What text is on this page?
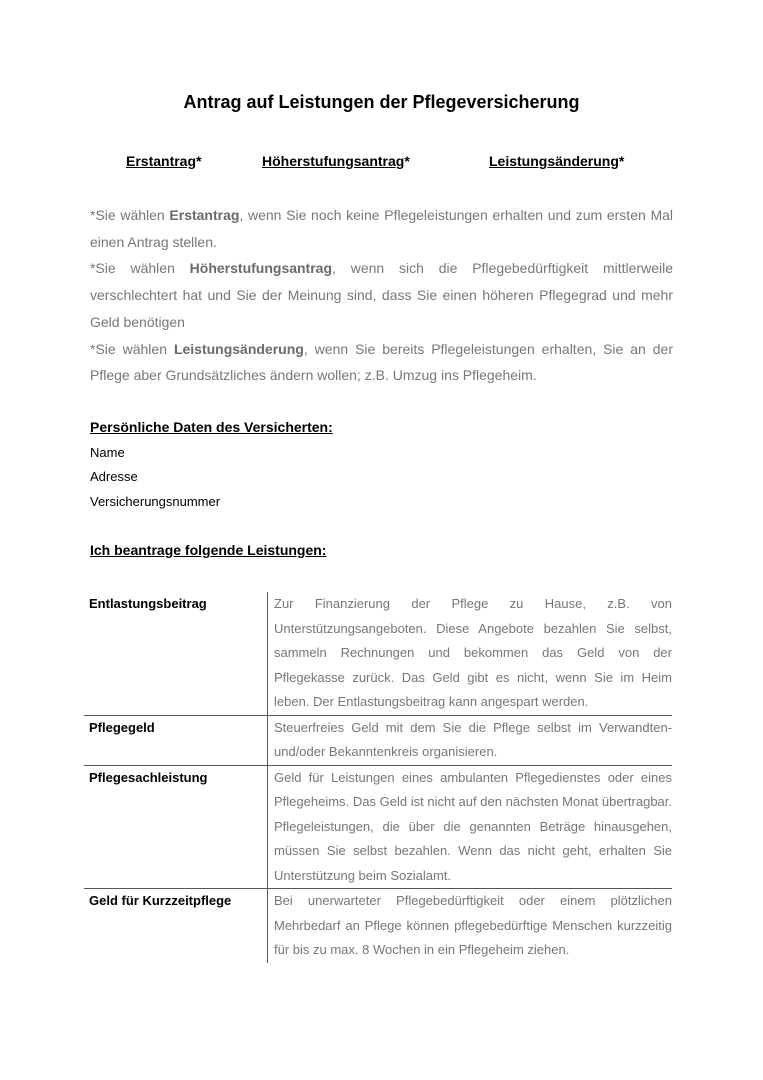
Antrag auf Leistungen der Pflegeversicherung
Erstantrag*	Höherstufungsantrag*	Leistungsänderung*

*Sie wählen Erstantrag, wenn Sie noch keine Pflegeleistungen erhalten und zum ersten Mal einen Antrag stellen.

*Sie wählen Höherstufungsantrag, wenn sich die Pflegebedürftigkeit mittlerweile verschlechtert hat und Sie der Meinung sind, dass Sie einen höheren Pflegegrad und mehr Geld benötigen

*Sie wählen Leistungsänderung, wenn Sie bereits Pflegeleistungen erhalten, Sie an der Pflege aber Grundsätzliches ändern wollen; z.B. Umzug ins Pflegeheim.

Persönliche Daten des Versicherten:
Name
Adresse
Versicherungsnummer
Ich beantrage folgende Leistungen:
Entlastungsbeitrag	Zur Finanzierung der Pflege zu Hause, z.B. von Unterstützungsangeboten. Diese Angebote bezahlen Sie selbst, sammeln Rechnungen und bekommen das Geld von der Pflegekasse zurück. Das Geld gibt es nicht, wenn Sie im Heim leben. Der Entlastungsbeitrag kann angespart werden.
Pflegegeld	Steuerfreies Geld mit dem Sie die Pflege selbst im Verwandten- und/oder Bekanntenkreis organisieren.
Pflegesachleistung	Geld für Leistungen eines ambulanten Pflegedienstes oder eines Pflegeheims. Das Geld ist nicht auf den nächsten Monat übertragbar. Pflegeleistungen, die über die genannten Beträge hinausgehen, müssen Sie selbst bezahlen. Wenn das nicht geht, erhalten Sie Unterstützung beim Sozialamt.
Geld für Kurzzeitpflege	Bei unerwarteter Pflegebedürftigkeit oder einem plötzlichen Mehrbedarf an Pflege können pflegebedürftige Menschen kurzzeitig für bis zu max. 8 Wochen in ein Pflegeheim ziehen.
